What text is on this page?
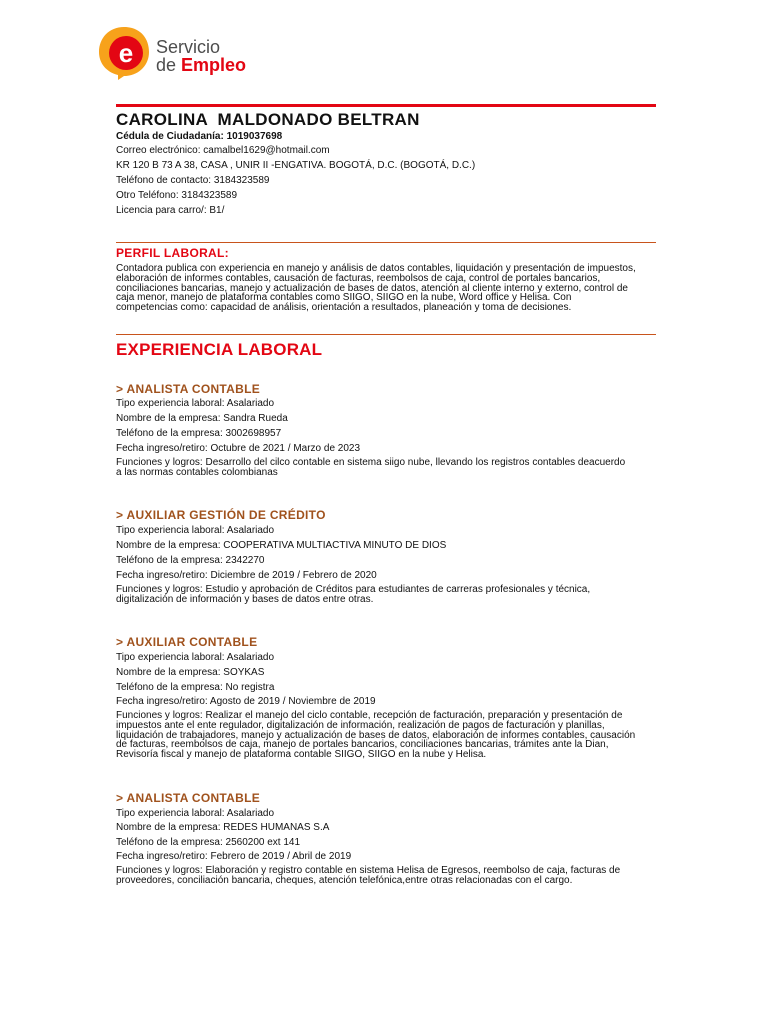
e Servicio
de Empleo
CAROLINA  MALDONADO BELTRAN
Cédula de Ciudadanía: 1019037698
Correo electrónico: camalbel1629@hotmail.com
KR 120 B 73 A 38, CASA , UNIR II -ENGATIVA. BOGOTÁ, D.C. (BOGOTÁ, D.C.)
Teléfono de contacto: 3184323589
Otro Teléfono: 3184323589
Licencia para carro/: B1/
PERFIL LABORAL:
Contadora publica con experiencia en manejo y análisis de datos contables, liquidación y presentación de impuestos,
elaboración de informes contables, causación de facturas, reembolsos de caja, control de portales bancarios,
conciliaciones bancarias, manejo y actualización de bases de datos, atención al cliente interno y externo, control de
caja menor, manejo de plataforma contables como SIIGO, SIIGO en la nube, Word office y Helisa. Con
competencias como: capacidad de análisis, orientación a resultados, planeación y toma de decisiones.
EXPERIENCIA LABORAL
> ANALISTA CONTABLE
Tipo experiencia laboral: Asalariado
Nombre de la empresa: Sandra Rueda
Teléfono de la empresa: 3002698957
Fecha ingreso/retiro: Octubre de 2021 / Marzo de 2023
Funciones y logros: Desarrollo del cilco contable en sistema siigo nube, llevando los registros contables deacuerdo
a las normas contables colombianas
> AUXILIAR GESTIÓN DE CRÉDITO
Tipo experiencia laboral: Asalariado
Nombre de la empresa: COOPERATIVA MULTIACTIVA MINUTO DE DIOS
Teléfono de la empresa: 2342270
Fecha ingreso/retiro: Diciembre de 2019 / Febrero de 2020
Funciones y logros: Estudio y aprobación de Créditos para estudiantes de carreras profesionales y técnica,
digitalización de información y bases de datos entre otras.
> AUXILIAR CONTABLE
Tipo experiencia laboral: Asalariado
Nombre de la empresa: SOYKAS
Teléfono de la empresa: No registra
Fecha ingreso/retiro: Agosto de 2019 / Noviembre de 2019
Funciones y logros: Realizar el manejo del ciclo contable, recepción de facturación, preparación y presentación de
impuestos ante el ente regulador, digitalización de información, realización de pagos de facturación y planillas,
liquidación de trabajadores, manejo y actualización de bases de datos, elaboración de informes contables, causación
de facturas, reembolsos de caja, manejo de portales bancarios, conciliaciones bancarias, trámites ante la Dian,
Revisoría fiscal y manejo de plataforma contable SIIGO, SIIGO en la nube y Helisa.
> ANALISTA CONTABLE
Tipo experiencia laboral: Asalariado
Nombre de la empresa: REDES HUMANAS S.A
Teléfono de la empresa: 2560200 ext 141
Fecha ingreso/retiro: Febrero de 2019 / Abril de 2019
Funciones y logros: Elaboración y registro contable en sistema Helisa de Egresos, reembolso de caja, facturas de
proveedores, conciliación bancaria, cheques, atención telefónica,entre otras relacionadas con el cargo.
